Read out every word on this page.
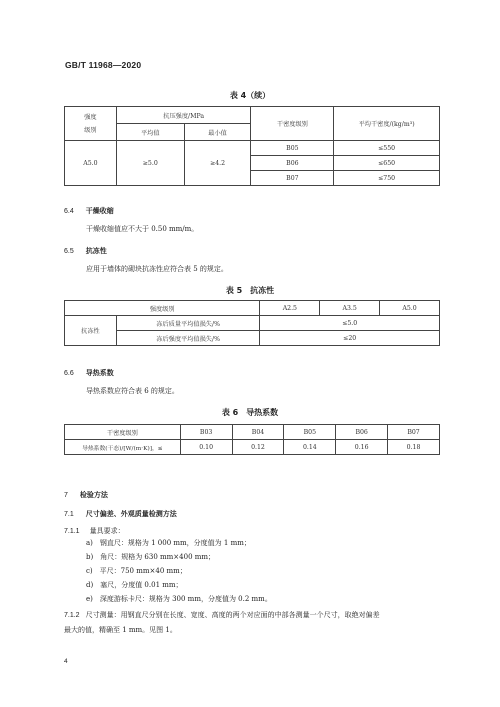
GB/T 11968—2020
表 4（续）
强度
级别	抗压强度/MPa		干密度级别	平均干密度/(kg/m³)
	平均值	最小值		
A5.0	≥5.0	≥4.2	B05	≤550
			B06	≤650
			B07	≤750
6.4 干燥收缩
干燥收缩值应不大于 0.50 mm/m。
6.5 抗冻性
应用于墙体的砌块抗冻性应符合表 5 的规定。
表 5　抗冻性
强度级别		A2.5	A3.5	A5.0
抗冻性	冻后质量平均值损失/%	≤5.0		
	冻后强度平均值损失/%	≤20		
6.6 导热系数
导热系数应符合表 6 的规定。
表 6　导热系数
干密度级别	B03	B04	B05	B06	B07
导热系数(干态)/[W/(m·K)]，≤	0.10	0.12	0.14	0.16	0.18
7 检验方法
7.1 尺寸偏差、外观质量检测方法
7.1.1 量具要求：
a)　钢直尺：规格为 1 000 mm，分度值为 1 mm；
b)　角尺：规格为 630 mm×400 mm；
c)　平尺：750 mm×40 mm；
d)　塞尺，分度值 0.01 mm；
e)　深度游标卡尺：规格为 300 mm，分度值为 0.2 mm。
7.1.2 尺寸测量：用钢直尺分别在长度、宽度、高度的两个对应面的中部各测量一个尺寸，取绝对偏差
最大的值，精确至 1 mm。见图 1。
4
